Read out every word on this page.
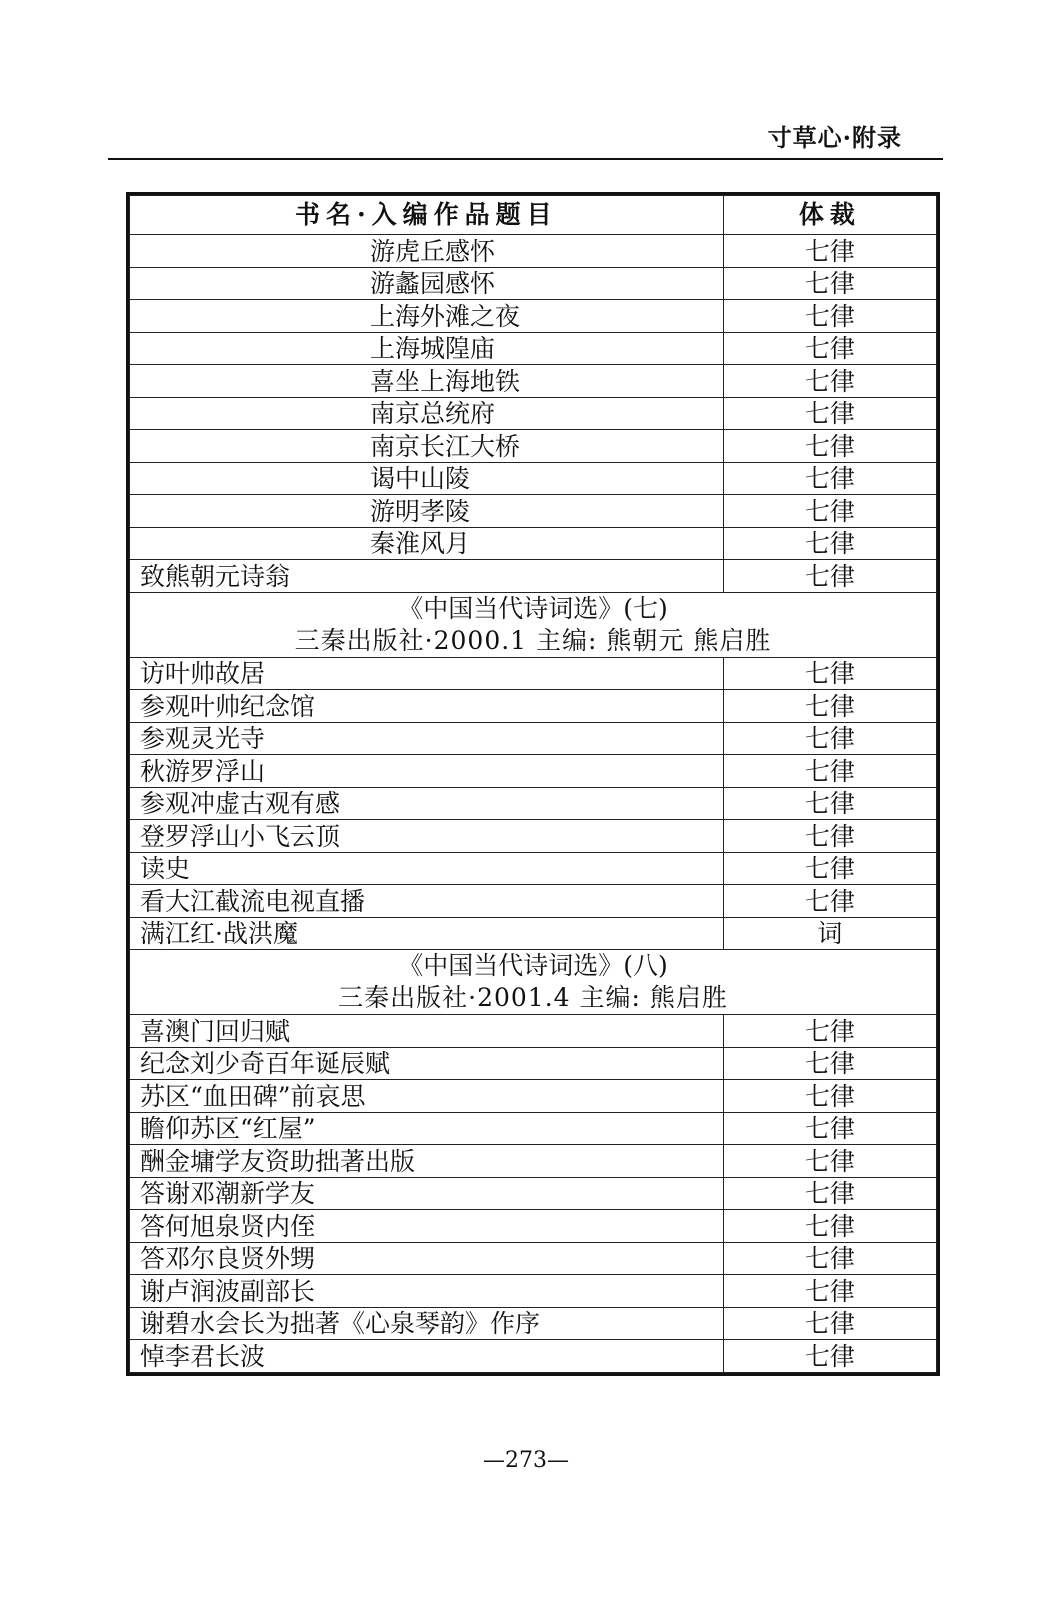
寸草心·附录
书名·入编作品题目	体裁
游虎丘感怀	七律
游蠡园感怀	七律
上海外滩之夜	七律
上海城隍庙	七律
喜坐上海地铁	七律
南京总统府	七律
南京长江大桥	七律
谒中山陵	七律
游明孝陵	七律
秦淮风月	七律
致熊朝元诗翁	七律

《中国当代诗词选》(七)
三秦出版社·2000.1 主编: 熊朝元 熊启胜	

访叶帅故居	七律
参观叶帅纪念馆	七律
参观灵光寺	七律
秋游罗浮山	七律
参观冲虚古观有感	七律
登罗浮山小飞云顶	七律
读史	七律
看大江截流电视直播	七律
满江红·战洪魔	词

《中国当代诗词选》(八)
三秦出版社·2001.4 主编: 熊启胜	

喜澳门回归赋	七律
纪念刘少奇百年诞辰赋	七律
苏区“血田碑”前哀思	七律
瞻仰苏区“红屋”	七律
酬金墉学友资助拙著出版	七律
答谢邓潮新学友	七律
答何旭泉贤内侄	七律
答邓尔良贤外甥	七律
谢卢润波副部长	七律
谢碧水会长为拙著《心泉琴韵》作序	七律
悼李君长波	七律
—273—
